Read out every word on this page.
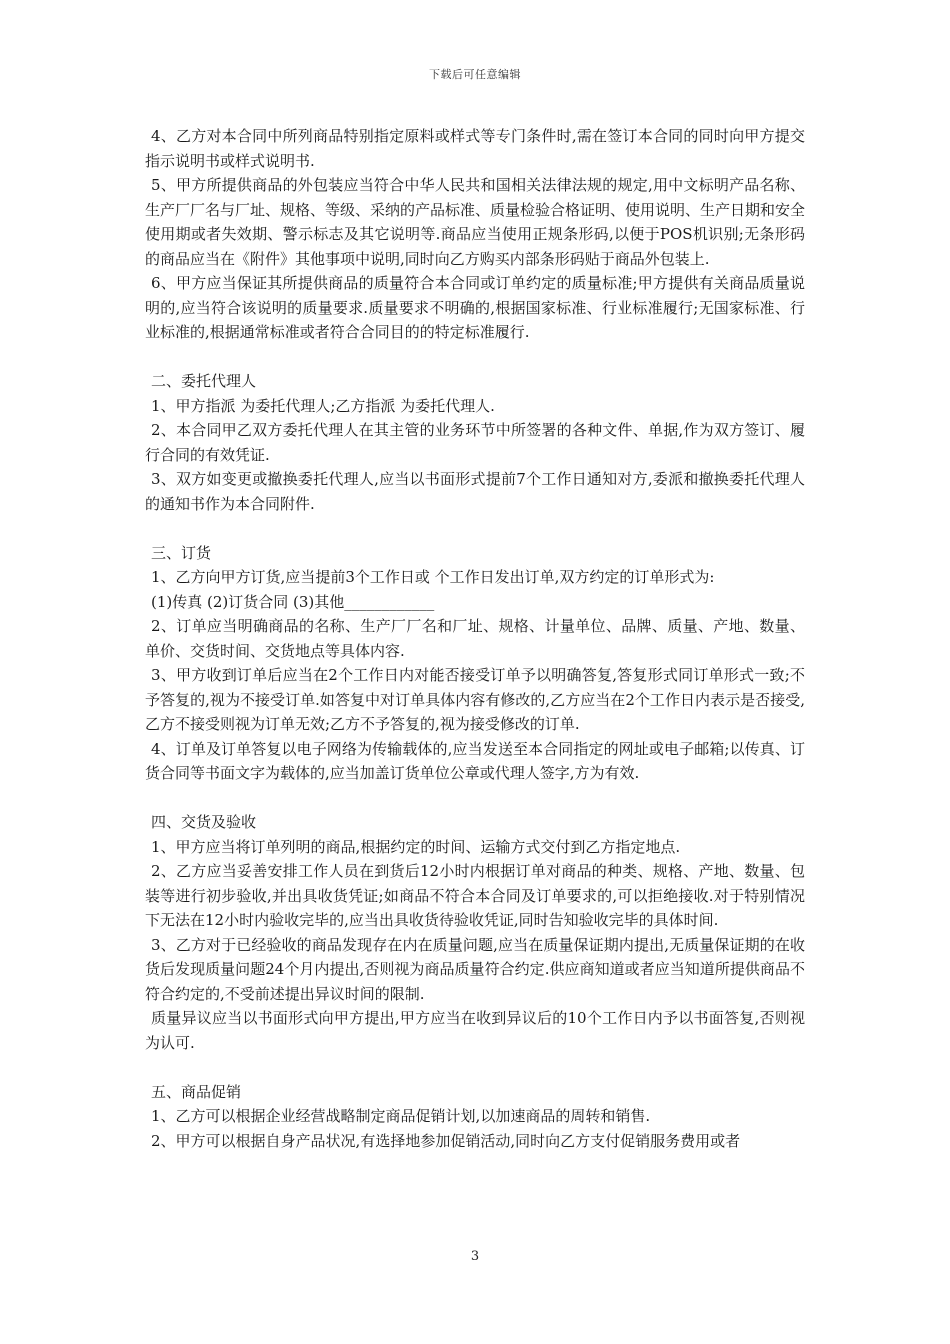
下载后可任意编辑

4、乙方对本合同中所列商品特别指定原料或样式等专门条件时,需在签订本合同的同时向甲方提交指示说明书或样式说明书.

5、甲方所提供商品的外包装应当符合中华人民共和国相关法律法规的规定,用中文标明产品名称、生产厂厂名与厂址、规格、等级、采纳的产品标准、质量检验合格证明、使用说明、生产日期和安全使用期或者失效期、警示标志及其它说明等.商品应当使用正规条形码,以便于POS机识别;无条形码的商品应当在《附件》其他事项中说明,同时向乙方购买内部条形码贴于商品外包装上.

6、甲方应当保证其所提供商品的质量符合本合同或订单约定的质量标准;甲方提供有关商品质量说明的,应当符合该说明的质量要求.质量要求不明确的,根据国家标准、行业标准履行;无国家标准、行业标准的,根据通常标准或者符合合同目的的特定标准履行.

二、委托代理人

1、甲方指派 为委托代理人;乙方指派 为委托代理人.

2、本合同甲乙双方委托代理人在其主管的业务环节中所签署的各种文件、单据,作为双方签订、履行合同的有效凭证.

3、双方如变更或撤换委托代理人,应当以书面形式提前7个工作日通知对方,委派和撤换委托代理人的通知书作为本合同附件.

三、订货

1、乙方向甲方订货,应当提前3个工作日或 个工作日发出订单,双方约定的订单形式为:

(1)传真 (2)订货合同 (3)其他____________

2、订单应当明确商品的名称、生产厂厂名和厂址、规格、计量单位、品牌、质量、产地、数量、单价、交货时间、交货地点等具体内容.

3、甲方收到订单后应当在2个工作日内对能否接受订单予以明确答复,答复形式同订单形式一致;不予答复的,视为不接受订单.如答复中对订单具体内容有修改的,乙方应当在2个工作日内表示是否接受,乙方不接受则视为订单无效;乙方不予答复的,视为接受修改的订单.

4、订单及订单答复以电子网络为传输载体的,应当发送至本合同指定的网址或电子邮箱;以传真、订货合同等书面文字为载体的,应当加盖订货单位公章或代理人签字,方为有效.

四、交货及验收

1、甲方应当将订单列明的商品,根据约定的时间、运输方式交付到乙方指定地点.

2、乙方应当妥善安排工作人员在到货后12小时内根据订单对商品的种类、规格、产地、数量、包装等进行初步验收,并出具收货凭证;如商品不符合本合同及订单要求的,可以拒绝接收.对于特别情况下无法在12小时内验收完毕的,应当出具收货待验收凭证,同时告知验收完毕的具体时间.

3、乙方对于已经验收的商品发现存在内在质量问题,应当在质量保证期内提出,无质量保证期的在收货后发现质量问题24个月内提出,否则视为商品质量符合约定.供应商知道或者应当知道所提供商品不符合约定的,不受前述提出异议时间的限制.

质量异议应当以书面形式向甲方提出,甲方应当在收到异议后的10个工作日内予以书面答复,否则视为认可.

五、商品促销

1、乙方可以根据企业经营战略制定商品促销计划,以加速商品的周转和销售.

2、甲方可以根据自身产品状况,有选择地参加促销活动,同时向乙方支付促销服务费用或者

3
